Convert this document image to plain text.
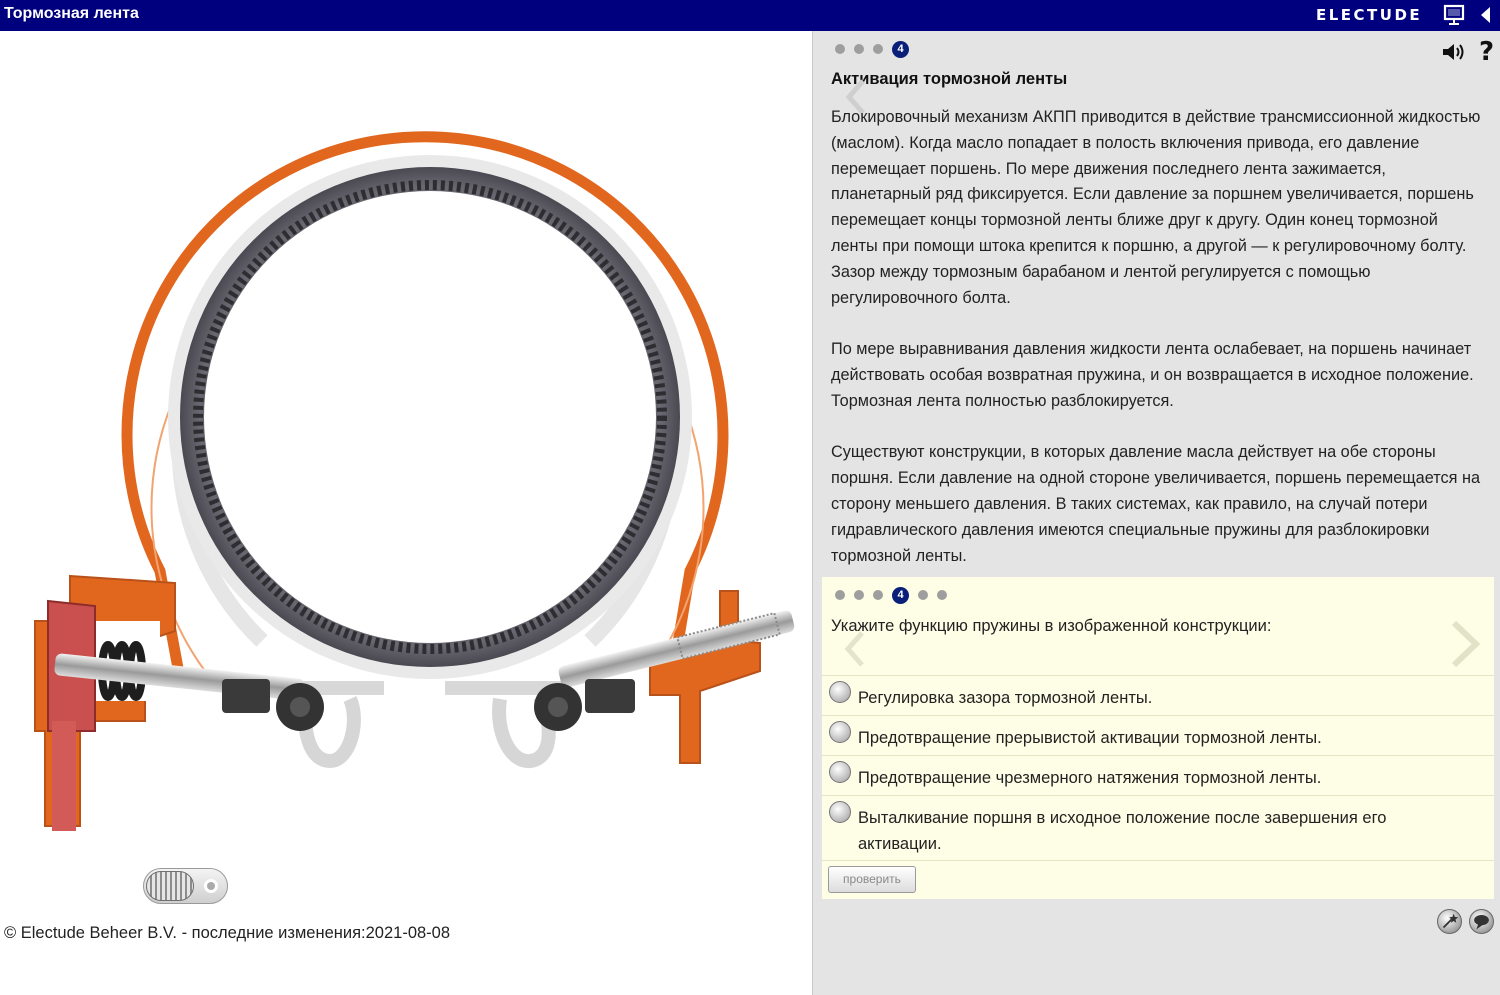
Тормозная лента	ELECTUDE
© Electude Beheer B.V. - последние изменения:2021-08-08
4	?
Активация тормозной ленты

Блокировочный механизм АКПП приводится в действие трансмиссионной жидкостью (маслом). Когда масло попадает в полость включения привода, его давление перемещает поршень. По мере движения последнего лента зажимается, планетарный ряд фиксируется. Если давление за поршнем увеличивается, поршень перемещает концы тормозной ленты ближе друг к другу. Один конец тормозной ленты при помощи штока крепится к поршню, а другой — к регулировочному болту. Зазор между тормозным барабаном и лентой регулируется с помощью регулировочного болта.

По мере выравнивания давления жидкости лента ослабевает, на поршень начинает действовать особая возвратная пружина, и он возвращается в исходное положение. Тормозная лента полностью разблокируется.

Существуют конструкции, в которых давление масла действует на обе стороны поршня. Если давление на одной стороне увеличивается, поршень перемещается на сторону меньшего давления. В таких системах, как правило, на случай потери гидравлического давления имеются специальные пружины для разблокировки тормозной ленты.

4
Укажите функцию пружины в изображенной конструкции:
Регулировка зазора тормозной ленты.
Предотвращение прерывистой активации тормозной ленты.
Предотвращение чрезмерного натяжения тормозной ленты.
Выталкивание поршня в исходное положение после завершения его активации.
проверить
